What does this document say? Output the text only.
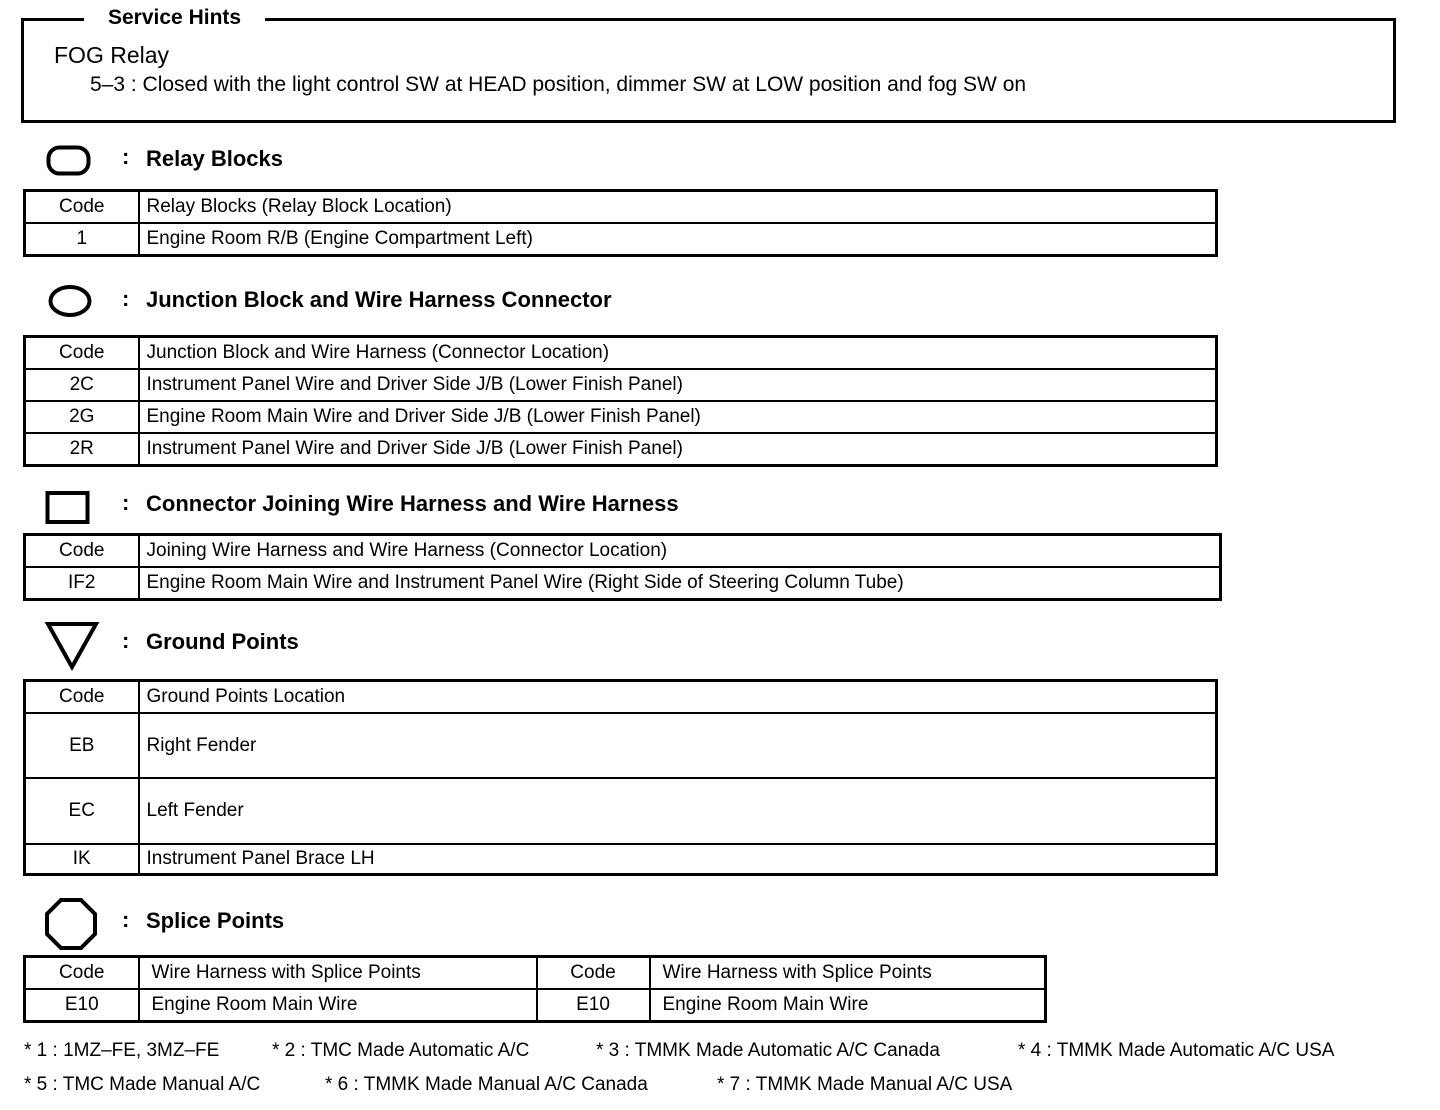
Service Hints
FOG Relay
5–3 : Closed with the light control SW at HEAD position, dimmer SW at LOW position and fog SW on
: Relay Blocks
Code	Relay Blocks (Relay Block Location)
1	Engine Room R/B (Engine Compartment Left)
: Junction Block and Wire Harness Connector
Code	Junction Block and Wire Harness (Connector Location)
2C	Instrument Panel Wire and Driver Side J/B (Lower Finish Panel)
2G	Engine Room Main Wire and Driver Side J/B (Lower Finish Panel)
2R	Instrument Panel Wire and Driver Side J/B (Lower Finish Panel)
: Connector Joining Wire Harness and Wire Harness
Code	Joining Wire Harness and Wire Harness (Connector Location)
IF2	Engine Room Main Wire and Instrument Panel Wire (Right Side of Steering Column Tube)
: Ground Points
Code	Ground Points Location
EB	Right Fender
EC	Left Fender
IK	Instrument Panel Brace LH
: Splice Points
Code	Wire Harness with Splice Points	Code	Wire Harness with Splice Points
E10	Engine Room Main Wire	E10	Engine Room Main Wire
* 1 : 1MZ–FE, 3MZ–FE	* 2 : TMC Made Automatic A/C	* 3 : TMMK Made Automatic A/C Canada	* 4 : TMMK Made Automatic A/C USA
* 5 : TMC Made Manual A/C	* 6 : TMMK Made Manual A/C Canada	* 7 : TMMK Made Manual A/C USA
